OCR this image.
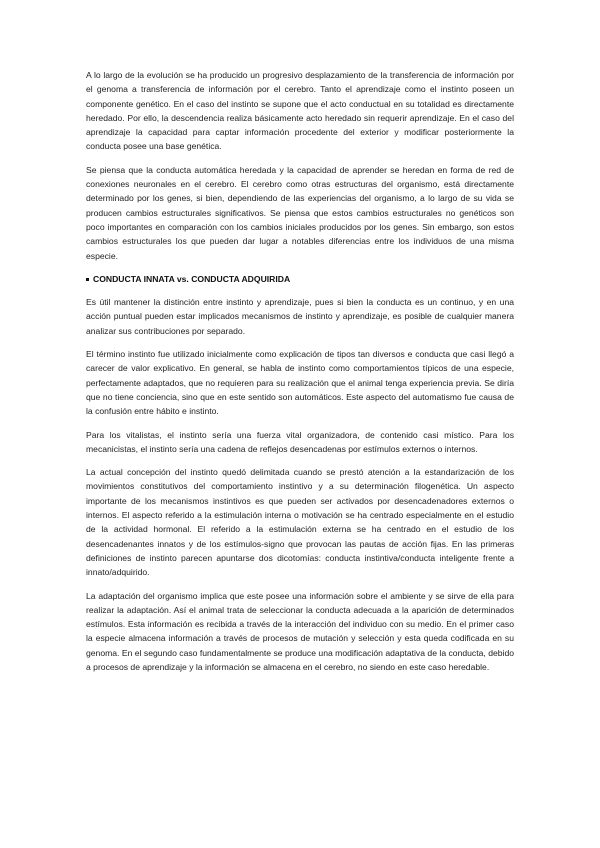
A lo largo de la evolución se ha producido un progresivo desplazamiento de la transferencia de información por el genoma a transferencia de información por el cerebro. Tanto el aprendizaje como el instinto poseen un componente genético. En el caso del instinto se supone que el acto conductual en su totalidad es directamente heredado. Por ello, la descendencia realiza básicamente acto heredado sin requerir aprendizaje. En el caso del aprendizaje la capacidad para captar información procedente del exterior y modificar posteriormente la conducta posee una base genética.

Se piensa que la conducta automática heredada y la capacidad de aprender se heredan en forma de red de conexiones neuronales en el cerebro. El cerebro como otras estructuras del organismo, está directamente determinado por los genes, si bien, dependiendo de las experiencias del organismo, a lo largo de su vida se producen cambios estructurales significativos. Se piensa que estos cambios estructurales no genéticos son poco importantes en comparación con los cambios iniciales producidos por los genes. Sin embargo, son estos cambios estructurales los que pueden dar lugar a notables diferencias entre los individuos de una misma especie.

CONDUCTA INNATA vs. CONDUCTA ADQUIRIDA

Es útil mantener la distinción entre instinto y aprendizaje, pues si bien la conducta es un continuo, y en una acción puntual pueden estar implicados mecanismos de instinto y aprendizaje, es posible de cualquier manera analizar sus contribuciones por separado.

El término instinto fue utilizado inicialmente como explicación de tipos tan diversos e conducta que casi llegó a carecer de valor explicativo. En general, se habla de instinto como comportamientos típicos de una especie, perfectamente adaptados, que no requieren para su realización que el animal tenga experiencia previa. Se diría que no tiene conciencia, sino que en este sentido son automáticos. Este aspecto del automatismo fue causa de la confusión entre hábito e instinto.

Para los vitalistas, el instinto sería una fuerza vital organizadora, de contenido casi místico. Para los mecanicistas, el instinto sería una cadena de reflejos desencadenas por estímulos externos o internos.

La actual concepción del instinto quedó delimitada cuando se prestó atención a la estandarización de los movimientos constitutivos del comportamiento instintivo y a su determinación filogenética. Un aspecto importante de los mecanismos instintivos es que pueden ser activados por desencadenadores externos o internos. El aspecto referido a la estimulación interna o motivación se ha centrado especialmente en el estudio de la actividad hormonal. El referido a la estimulación externa se ha centrado en el estudio de los desencadenantes innatos y de los estímulos-signo que provocan las pautas de acción fijas. En las primeras definiciones de instinto parecen apuntarse dos dicotomías: conducta instintiva/conducta inteligente frente a innato/adquirido.

La adaptación del organismo implica que este posee una información sobre el ambiente y se sirve de ella para realizar la adaptación. Así el animal trata de seleccionar la conducta adecuada a la aparición de determinados estímulos. Esta información es recibida a través de la interacción del individuo con su medio. En el primer caso la especie almacena información a través de procesos de mutación y selección y esta queda codificada en su genoma. En el segundo caso fundamentalmente se produce una modificación adaptativa de la conducta, debido a procesos de aprendizaje y la información se almacena en el cerebro, no siendo en este caso heredable.
